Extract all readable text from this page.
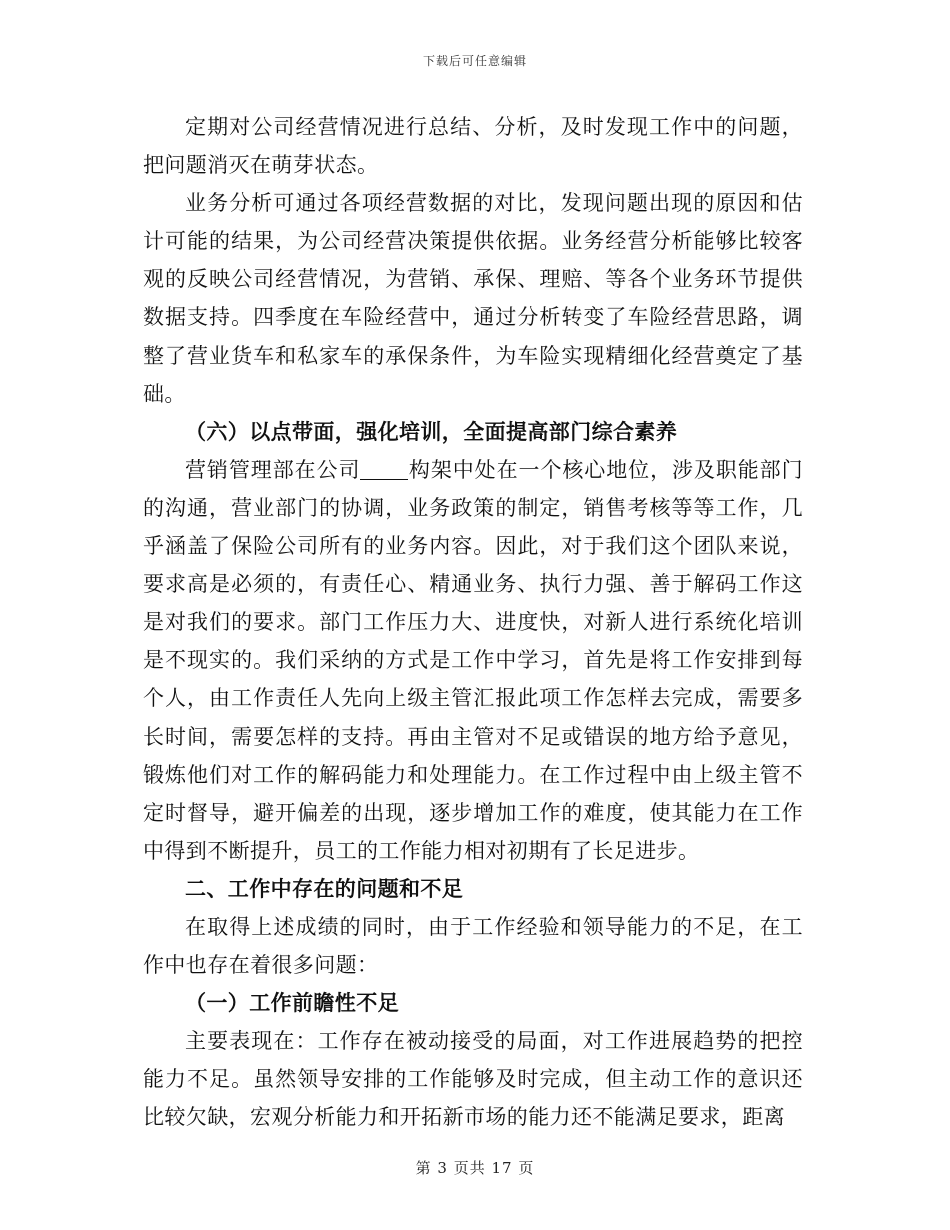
下载后可任意编辑

定期对公司经营情况进行总结、分析，及时发现工作中的问题，把问题消灭在萌芽状态。

业务分析可通过各项经营数据的对比，发现问题出现的原因和估计可能的结果，为公司经营决策提供依据。业务经营分析能够比较客观的反映公司经营情况，为营销、承保、理赔、等各个业务环节提供数据支持。四季度在车险经营中，通过分析转变了车险经营思路，调整了营业货车和私家车的承保条件，为车险实现精细化经营奠定了基础。

（六）以点带面，强化培训，全面提高部门综合素养

营销管理部在公司 构架中处在一个核心地位，涉及职能部门的沟通，营业部门的协调，业务政策的制定，销售考核等等工作，几乎涵盖了保险公司所有的业务内容。因此，对于我们这个团队来说，要求高是必须的，有责任心、精通业务、执行力强、善于解码工作这是对我们的要求。部门工作压力大、进度快，对新人进行系统化培训是不现实的。我们采纳的方式是工作中学习，首先是将工作安排到每个人，由工作责任人先向上级主管汇报此项工作怎样去完成，需要多长时间，需要怎样的支持。再由主管对不足或错误的地方给予意见，锻炼他们对工作的解码能力和处理能力。在工作过程中由上级主管不定时督导，避开偏差的出现，逐步增加工作的难度，使其能力在工作中得到不断提升，员工的工作能力相对初期有了长足进步。

二、工作中存在的问题和不足

在取得上述成绩的同时，由于工作经验和领导能力的不足，在工作中也存在着很多问题：

（一）工作前瞻性不足

主要表现在：工作存在被动接受的局面，对工作进展趋势的把控能力不足。虽然领导安排的工作能够及时完成，但主动工作的意识还比较欠缺，宏观分析能力和开拓新市场的能力还不能满足要求，距离

第 3 页共 17 页
